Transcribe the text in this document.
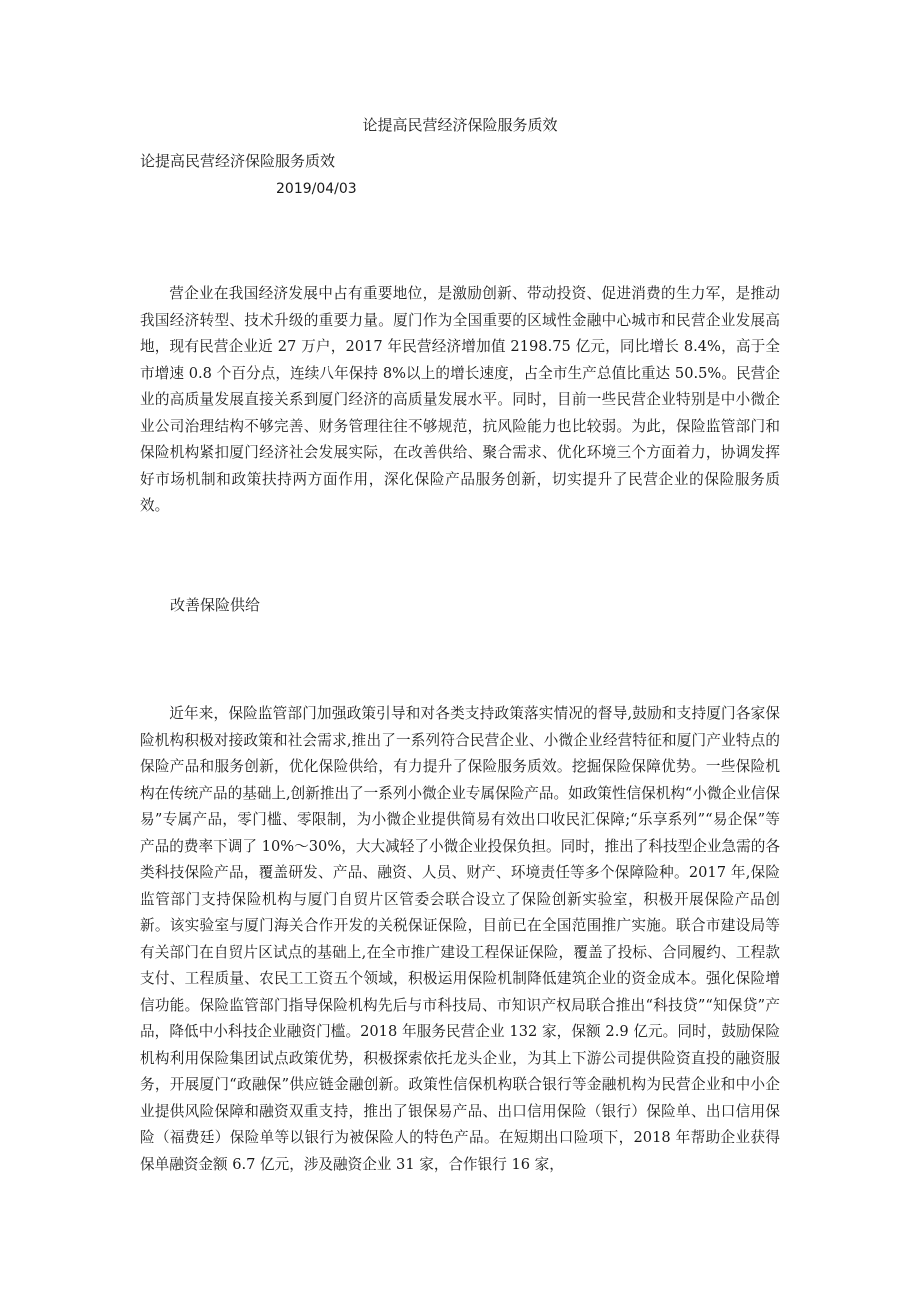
论提高民营经济保险服务质效
论提高民营经济保险服务质效
2019/04/03

营企业在我国经济发展中占有重要地位，是激励创新、带动投资、促进消费的生力军，是推动我国经济转型、技术升级的重要力量。厦门作为全国重要的区域性金融中心城市和民营企业发展高地，现有民营企业近 27 万户，2017 年民营经济增加值 2198.75 亿元，同比增长 8.4%，高于全市增速 0.8 个百分点，连续八年保持 8%以上的增长速度，占全市生产总值比重达 50.5%。民营企业的高质量发展直接关系到厦门经济的高质量发展水平。同时，目前一些民营企业特别是中小微企业公司治理结构不够完善、财务管理往往不够规范，抗风险能力也比较弱。为此，保险监管部门和保险机构紧扣厦门经济社会发展实际，在改善供给、聚合需求、优化环境三个方面着力，协调发挥好市场机制和政策扶持两方面作用，深化保险产品服务创新，切实提升了民营企业的保险服务质效。

改善保险供给

近年来，保险监管部门加强政策引导和对各类支持政策落实情况的督导,鼓励和支持厦门各家保险机构积极对接政策和社会需求,推出了一系列符合民营企业、小微企业经营特征和厦门产业特点的保险产品和服务创新，优化保险供给，有力提升了保险服务质效。挖掘保险保障优势。一些保险机构在传统产品的基础上,创新推出了一系列小微企业专属保险产品。如政策性信保机构“小微企业信保易”专属产品，零门槛、零限制，为小微企业提供简易有效出口收民汇保障;“乐享系列”“易企保”等产品的费率下调了 10%～30%，大大减轻了小微企业投保负担。同时，推出了科技型企业急需的各类科技保险产品，覆盖研发、产品、融资、人员、财产、环境责任等多个保障险种。2017 年,保险监管部门支持保险机构与厦门自贸片区管委会联合设立了保险创新实验室，积极开展保险产品创新。该实验室与厦门海关合作开发的关税保证保险，目前已在全国范围推广实施。联合市建设局等有关部门在自贸片区试点的基础上,在全市推广建设工程保证保险，覆盖了投标、合同履约、工程款支付、工程质量、农民工工资五个领域，积极运用保险机制降低建筑企业的资金成本。强化保险增信功能。保险监管部门指导保险机构先后与市科技局、市知识产权局联合推出“科技贷”“知保贷”产品，降低中小科技企业融资门槛。2018 年服务民营企业 132 家，保额 2.9 亿元。同时，鼓励保险机构利用保险集团试点政策优势，积极探索依托龙头企业，为其上下游公司提供险资直投的融资服务，开展厦门“政融保”供应链金融创新。政策性信保机构联合银行等金融机构为民营企业和中小企业提供风险保障和融资双重支持，推出了银保易产品、出口信用保险（银行）保险单、出口信用保险（福费廷）保险单等以银行为被保险人的特色产品。在短期出口险项下，2018 年帮助企业获得保单融资金额 6.7 亿元，涉及融资企业 31 家，合作银行 16 家，
